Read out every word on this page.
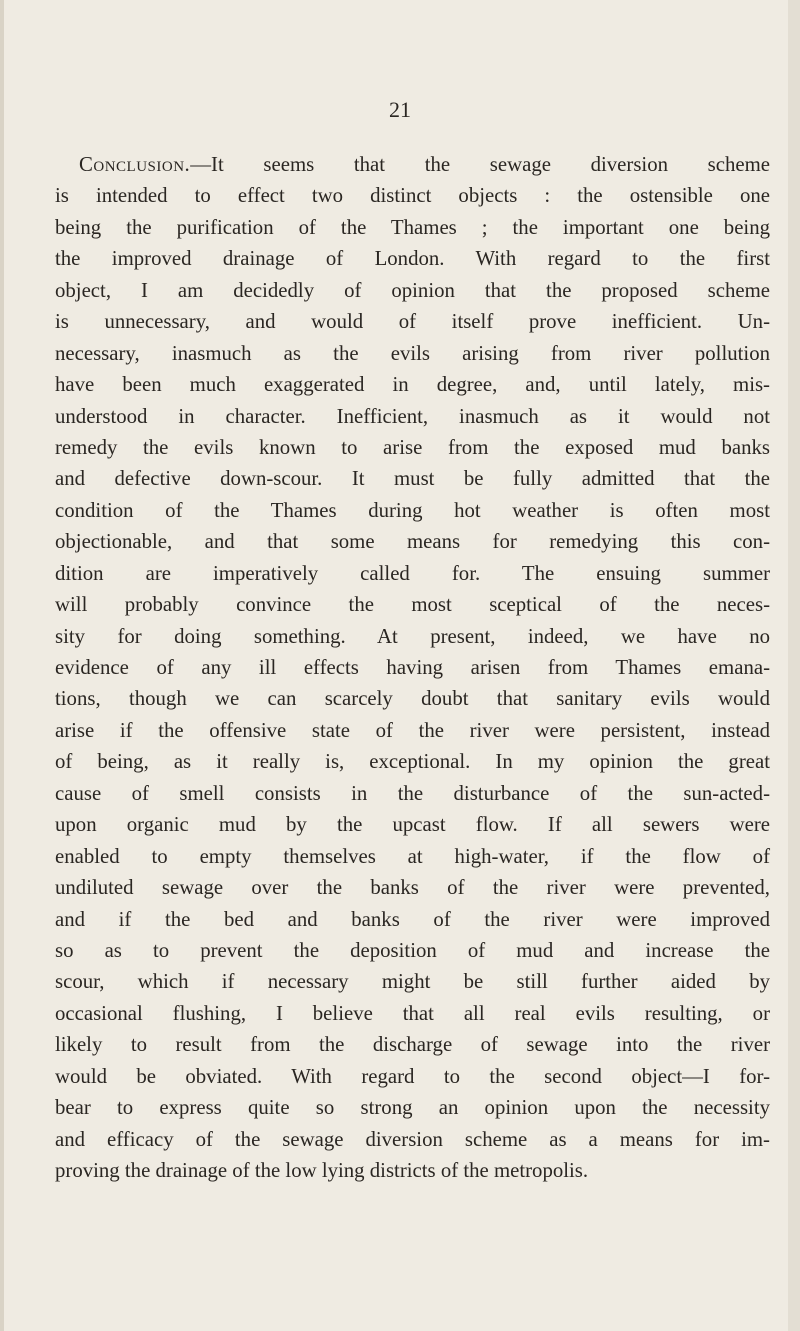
21
Conclusion.—It seems that the sewage diversion scheme
is intended to effect two distinct objects : the ostensible one
being the purification of the Thames ; the important one being
the improved drainage of London. With regard to the first
object, I am decidedly of opinion that the proposed scheme
is unnecessary, and would of itself prove inefficient. Un-
necessary, inasmuch as the evils arising from river pollution
have been much exaggerated in degree, and, until lately, mis-
understood in character. Inefficient, inasmuch as it would not
remedy the evils known to arise from the exposed mud banks
and defective down-scour. It must be fully admitted that the
condition of the Thames during hot weather is often most
objectionable, and that some means for remedying this con-
dition are imperatively called for. The ensuing summer
will probably convince the most sceptical of the neces-
sity for doing something. At present, indeed, we have no
evidence of any ill effects having arisen from Thames emana-
tions, though we can scarcely doubt that sanitary evils would
arise if the offensive state of the river were persistent, instead
of being, as it really is, exceptional. In my opinion the great
cause of smell consists in the disturbance of the sun-acted-
upon organic mud by the upcast flow. If all sewers were
enabled to empty themselves at high-water, if the flow of
undiluted sewage over the banks of the river were prevented,
and if the bed and banks of the river were improved
so as to prevent the deposition of mud and increase the
scour, which if necessary might be still further aided by
occasional flushing, I believe that all real evils resulting, or
likely to result from the discharge of sewage into the river
would be obviated. With regard to the second object—I for-
bear to express quite so strong an opinion upon the necessity
and efficacy of the sewage diversion scheme as a means for im-
proving the drainage of the low lying districts of the metropolis.
